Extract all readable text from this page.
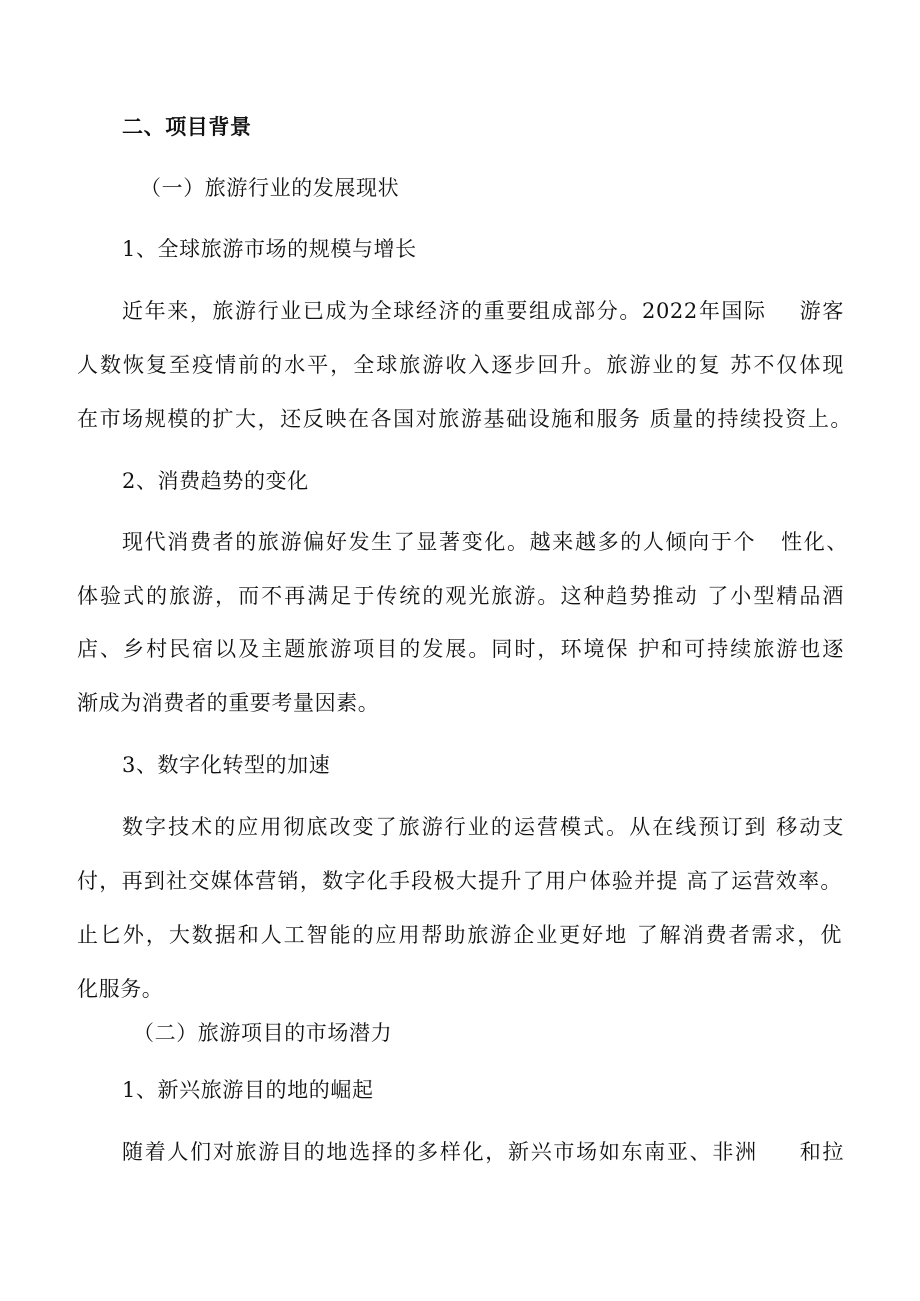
二、项目背景
（一）旅游行业的发展现状
1、全球旅游市场的规模与增长
近年来，旅游行业已成为全球经济的重要组成部分。2022年国际    游客
人数恢复至疫情前的水平，全球旅游收入逐步回升。旅游业的复 苏不仅体现
在市场规模的扩大，还反映在各国对旅游基础设施和服务 质量的持续投资上。
2、消费趋势的变化
现代消费者的旅游偏好发生了显著变化。越来越多的人倾向于个   性化、
体验式的旅游，而不再满足于传统的观光旅游。这种趋势推动 了小型精品酒
店、乡村民宿以及主题旅游项目的发展。同时，环境保 护和可持续旅游也逐
渐成为消费者的重要考量因素。
3、数字化转型的加速
数字技术的应用彻底改变了旅游行业的运营模式。从在线预订到 移动支
付，再到社交媒体营销，数字化手段极大提升了用户体验并提 高了运营效率。
止匕外，大数据和人工智能的应用帮助旅游企业更好地 了解消费者需求，优
化服务。
（二）旅游项目的市场潜力
1、新兴旅游目的地的崛起
随着人们对旅游目的地选择的多样化，新兴市场如东南亚、非洲     和拉
